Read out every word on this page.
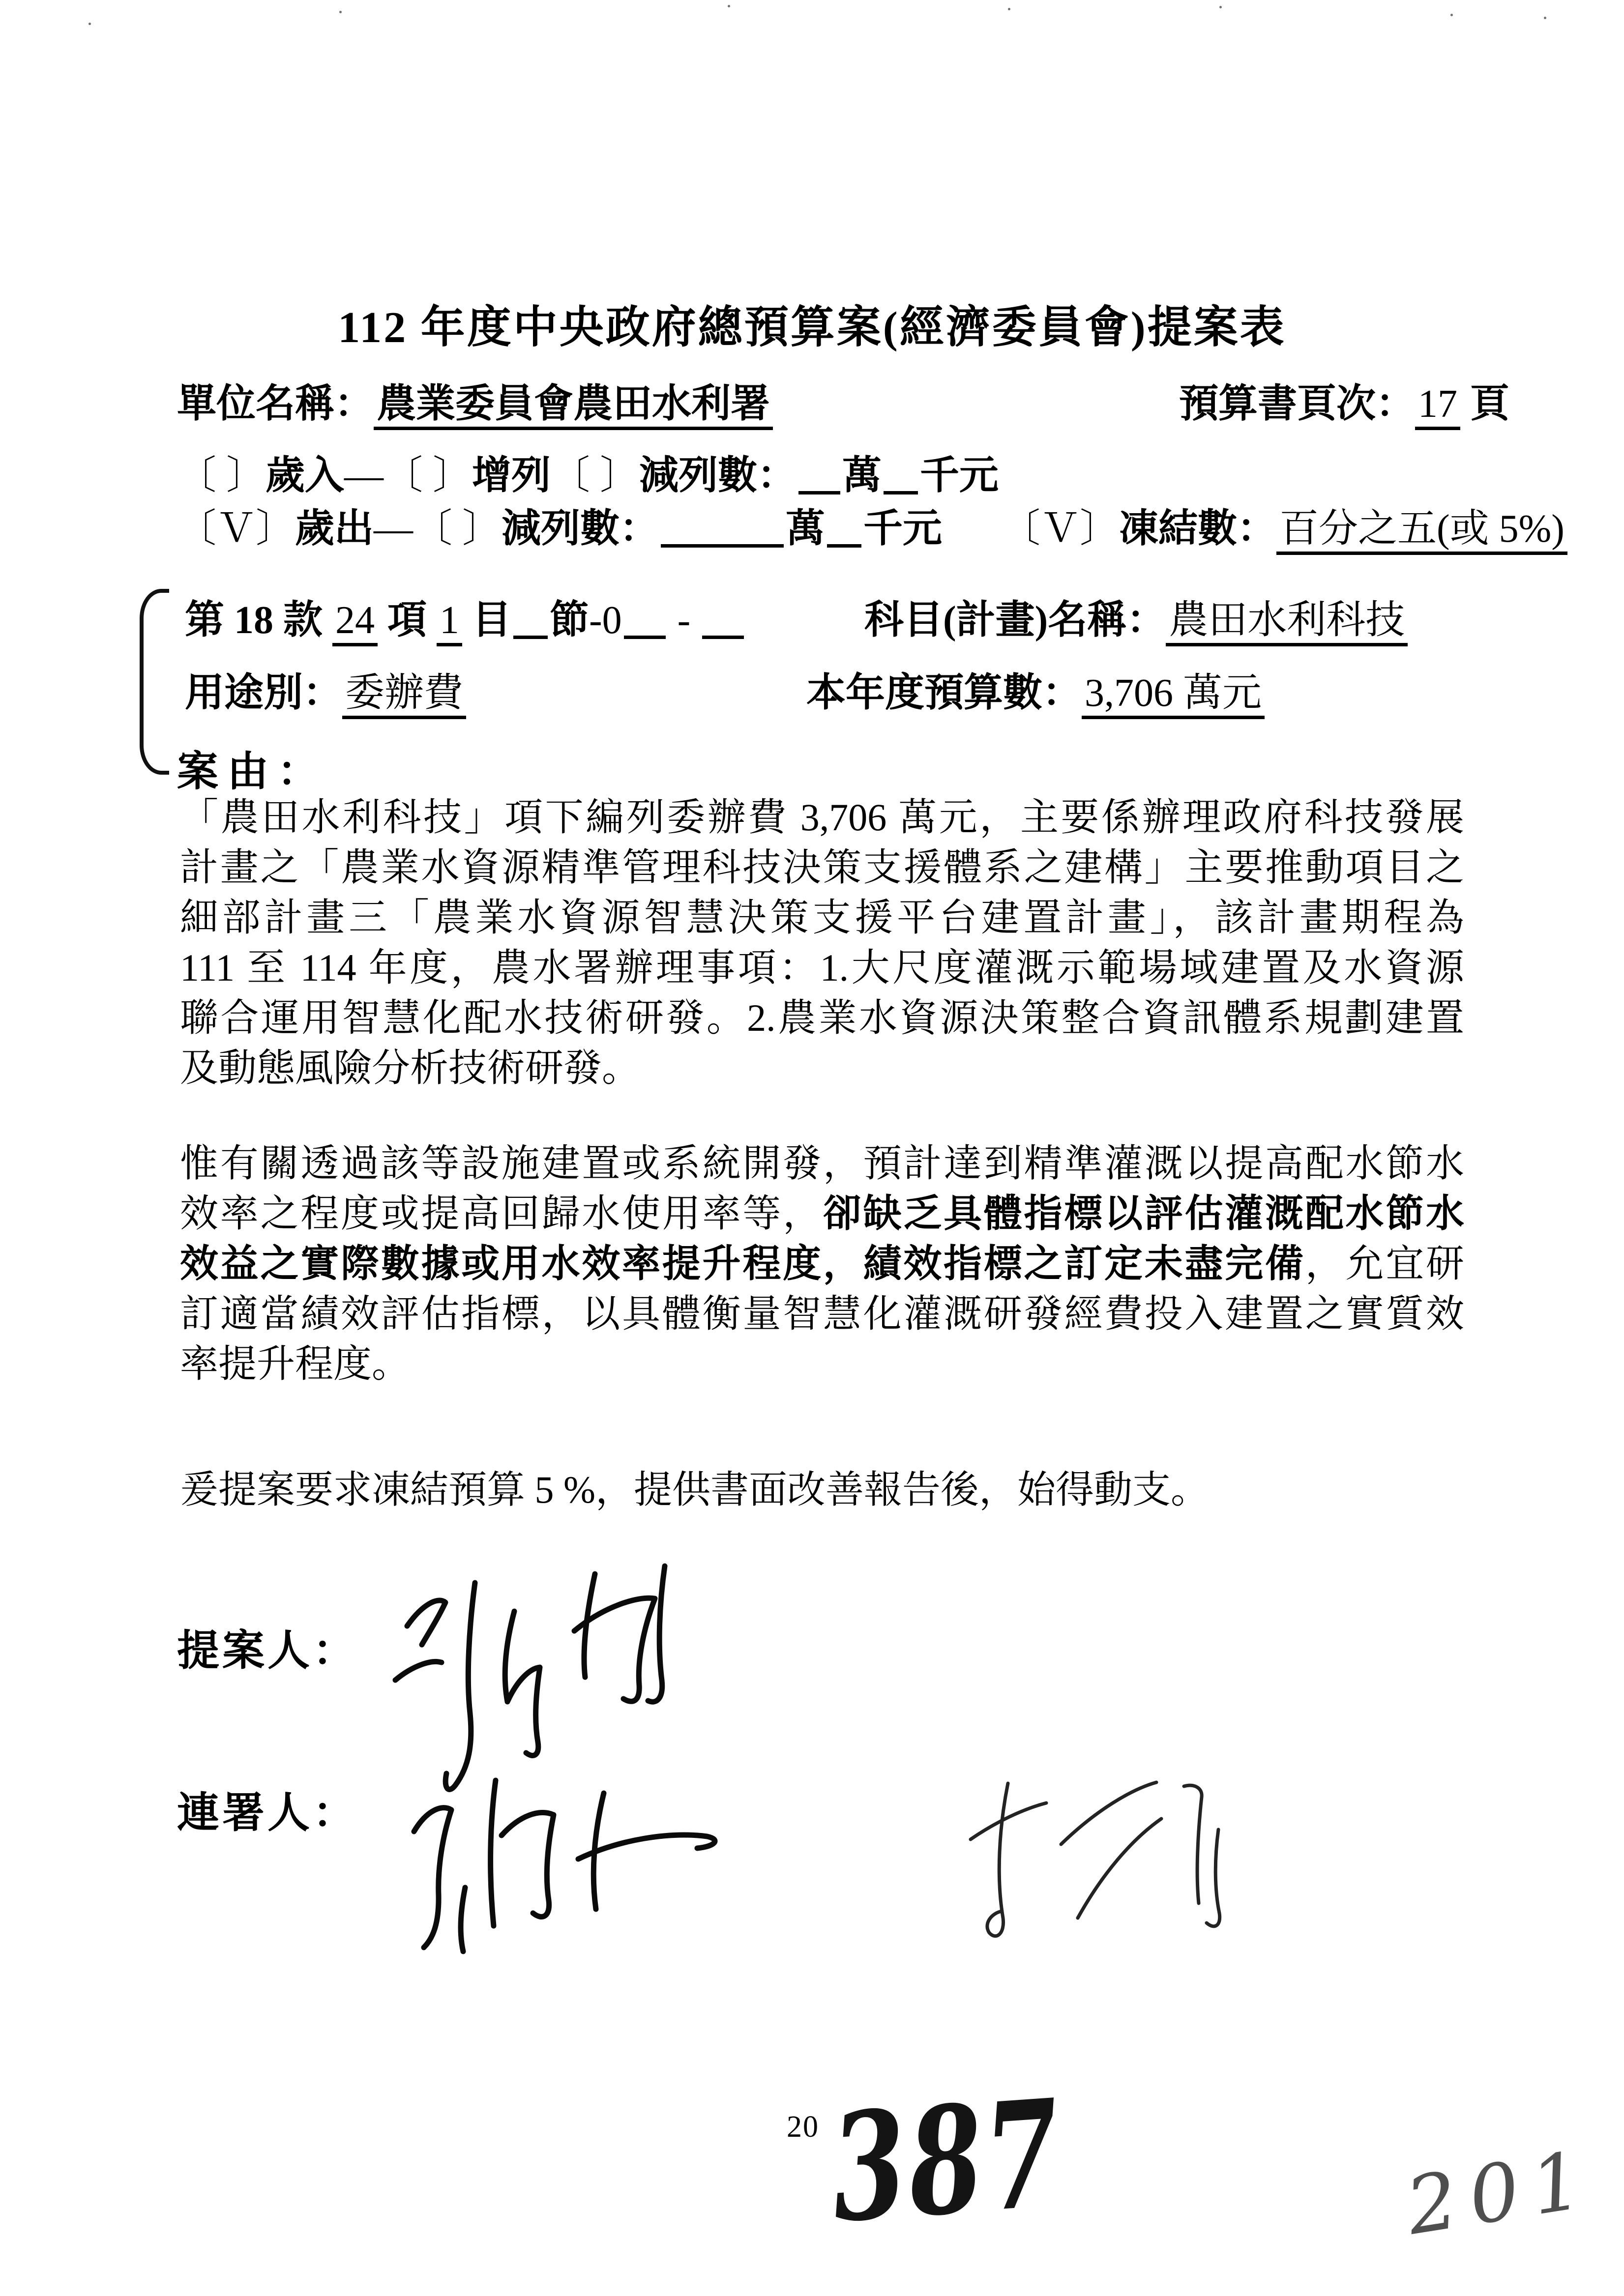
112 年度中央政府總預算案(經濟委員會)提案表
單位名稱：農業委員會農田水利署	預算書頁次：17 頁
〔 〕歲入—〔 〕增列〔 〕減列數： 萬 千元
〔Ｖ〕歲出—〔 〕減列數：	萬 千元　　 〔Ｖ〕凍結數：百分之五(或 5%)
第 18 款 24 項 1 目 節-0 -	科目(計畫)名稱：農田水利科技
用途別：委辦費	本年度預算數：3,706 萬元
案由：
「農田水利科技」項下編列委辦費 3,706 萬元，主要係辦理政府科技發展
計畫之「農業水資源精準管理科技決策支援體系之建構」主要推動項目之
細部計畫三「農業水資源智慧決策支援平台建置計畫」，該計畫期程為
111 至 114 年度，農水署辦理事項：1.大尺度灌溉示範場域建置及水資源
聯合運用智慧化配水技術研發。2.農業水資源決策整合資訊體系規劃建置
及動態風險分析技術研發。
惟有關透過該等設施建置或系統開發，預計達到精準灌溉以提高配水節水
效率之程度或提高回歸水使用率等，卻缺乏具體指標以評估灌溉配水節水
效益之實際數據或用水效率提升程度，績效指標之訂定未盡完備，允宜研
訂適當績效評估指標，以具體衡量智慧化灌溉研發經費投入建置之實質效
率提升程度。
爰提案要求凍結預算 5 %，提供書面改善報告後，始得動支。
提案人：
連署人：
20 387	201
